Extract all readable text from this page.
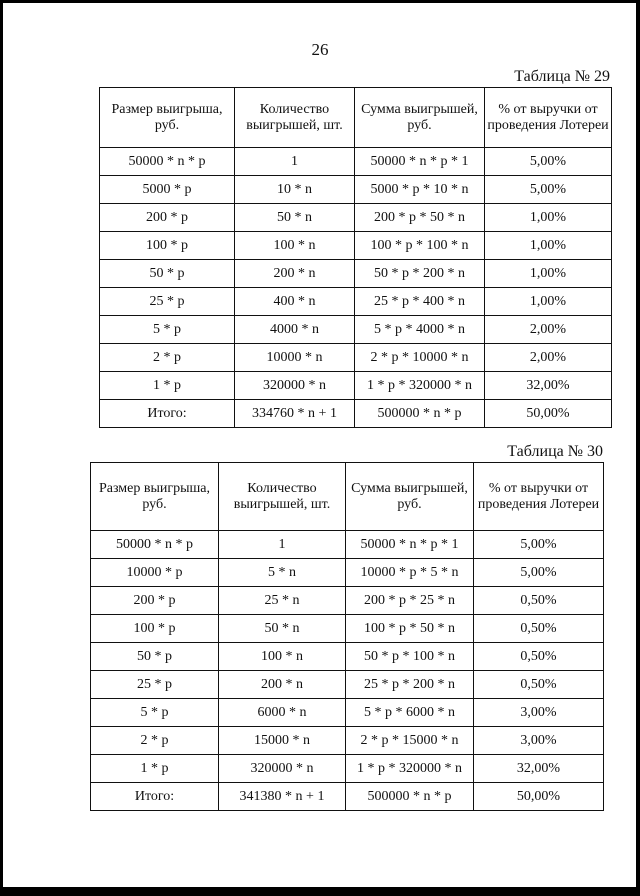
26
Таблица № 29
Размер выигрыша, руб.	Количество выигрышей, шт.	Сумма выигрышей, руб.	% от выручки от проведения Лотереи
50000 * n * p	1	50000 * n * p * 1	5,00%
5000 * p	10 * n	5000 * p * 10 * n	5,00%
200 * p	50 * n	200 * p * 50 * n	1,00%
100 * p	100 * n	100 * p * 100 * n	1,00%
50 * p	200 * n	50 * p * 200 * n	1,00%
25 * p	400 * n	25 * p * 400 * n	1,00%
5 * p	4000 * n	5 * p * 4000 * n	2,00%
2 * p	10000 * n	2 * p * 10000 * n	2,00%
1 * p	320000 * n	1 * p * 320000 * n	32,00%
Итого:	334760 * n + 1	500000 * n * p	50,00%
Таблица № 30
Размер выигрыша, руб.	Количество выигрышей, шт.	Сумма выигрышей, руб.	% от выручки от проведения Лотереи
50000 * n * p	1	50000 * n * p * 1	5,00%
10000 * p	5 * n	10000 * p * 5 * n	5,00%
200 * p	25 * n	200 * p * 25 * n	0,50%
100 * p	50 * n	100 * p * 50 * n	0,50%
50 * p	100 * n	50 * p * 100 * n	0,50%
25 * p	200 * n	25 * p * 200 * n	0,50%
5 * p	6000 * n	5 * p * 6000 * n	3,00%
2 * p	15000 * n	2 * p * 15000 * n	3,00%
1 * p	320000 * n	1 * p * 320000 * n	32,00%
Итого:	341380 * n + 1	500000 * n * p	50,00%
